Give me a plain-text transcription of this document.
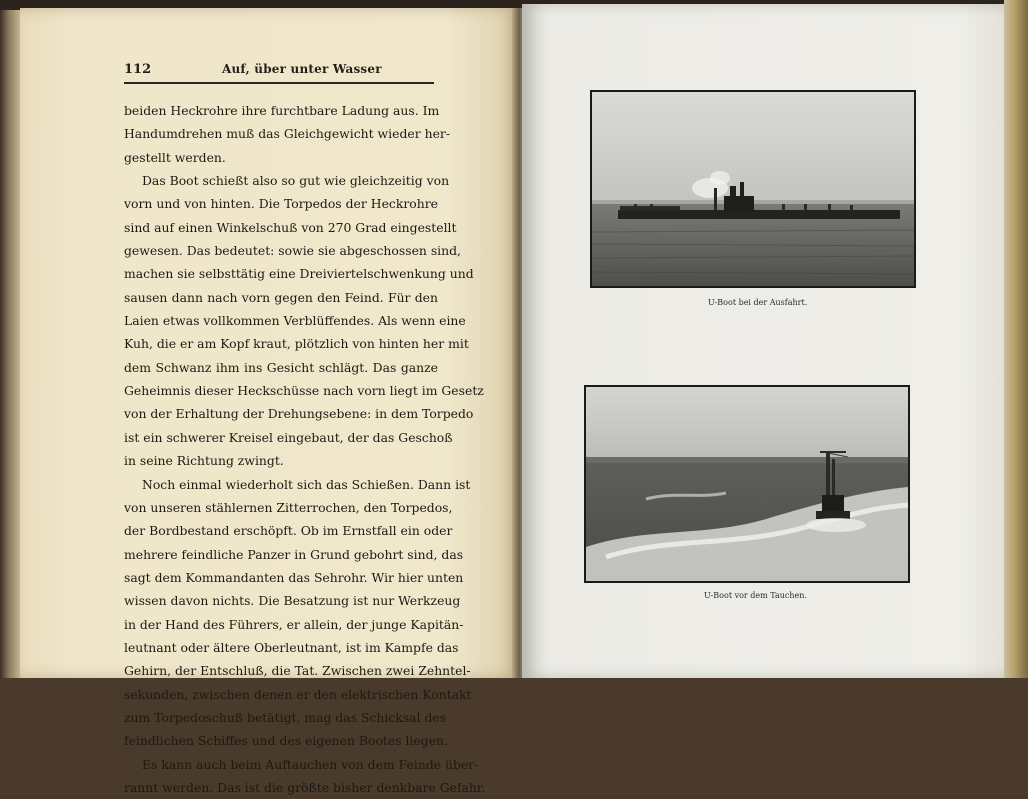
112	Auf, über unter Wasser
beiden Heckrohre ihre furchtbare Ladung aus. Im
Handumdrehen muß das Gleichgewicht wieder her-
gestellt werden.
Das Boot schießt also so gut wie gleichzeitig von
vorn und von hinten. Die Torpedos der Heckrohre
sind auf einen Winkelschuß von 270 Grad eingestellt
gewesen. Das bedeutet: sowie sie abgeschossen sind,
machen sie selbsttätig eine Dreiviertelschwenkung und
sausen dann nach vorn gegen den Feind. Für den
Laien etwas vollkommen Verblüffendes. Als wenn eine
Kuh, die er am Kopf kraut, plötzlich von hinten her mit
dem Schwanz ihm ins Gesicht schlägt. Das ganze
Geheimnis dieser Heckschüsse nach vorn liegt im Gesetz
von der Erhaltung der Drehungsebene: in dem Torpedo
ist ein schwerer Kreisel eingebaut, der das Geschoß
in seine Richtung zwingt.
Noch einmal wiederholt sich das Schießen. Dann ist
von unseren stählernen Zitterrochen, den Torpedos,
der Bordbestand erschöpft. Ob im Ernstfall ein oder
mehrere feindliche Panzer in Grund gebohrt sind, das
sagt dem Kommandanten das Sehrohr. Wir hier unten
wissen davon nichts. Die Besatzung ist nur Werkzeug
in der Hand des Führers, er allein, der junge Kapitän-
leutnant oder ältere Oberleutnant, ist im Kampfe das
Gehirn, der Entschluß, die Tat. Zwischen zwei Zehntel-
sekunden, zwischen denen er den elektrischen Kontakt
zum Torpedoschuß betätigt, mag das Schicksal des
feindlichen Schiffes und des eigenen Bootes liegen.
Es kann auch beim Auftauchen von dem Feinde über-
rannt werden. Das ist die größte bisher denkbare Gefahr.
U-Boot bei der Ausfahrt.
U-Boot vor dem Tauchen.
